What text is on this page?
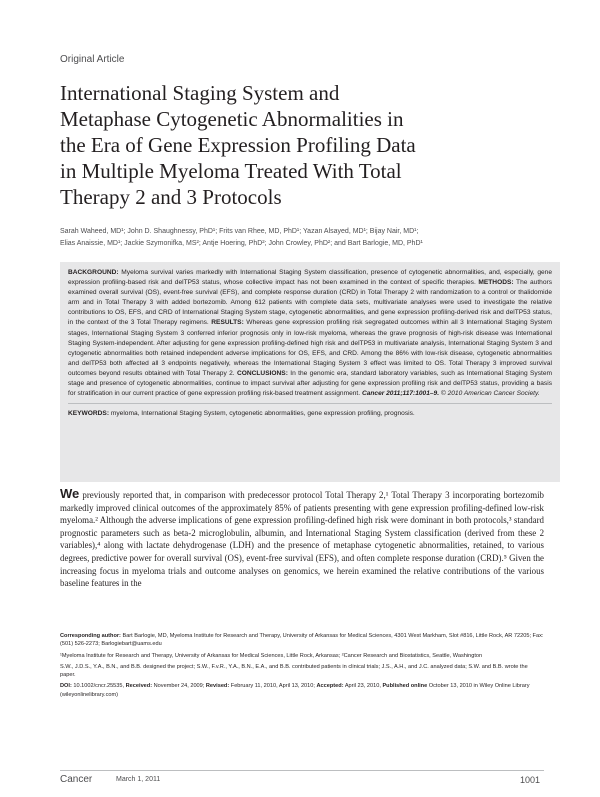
Original Article
International Staging System and
Metaphase Cytogenetic Abnormalities in
the Era of Gene Expression Profiling Data
in Multiple Myeloma Treated With Total
Therapy 2 and 3 Protocols
Sarah Waheed, MD¹; John D. Shaughnessy, PhD¹; Frits van Rhee, MD, PhD¹; Yazan Alsayed, MD¹; Bijay Nair, MD¹;
Elias Anaissie, MD¹; Jackie Szymonifka, MS²; Antje Hoering, PhD²; John Crowley, PhD²; and Bart Barlogie, MD, PhD¹
BACKGROUND: Myeloma survival varies markedly with International Staging System classification, presence of cytogenetic abnormalities, and, especially, gene expression profiling-based risk and delTP53 status, whose collective impact has not been examined in the context of specific therapies. METHODS: The authors examined overall survival (OS), event-free survival (EFS), and complete response duration (CRD) in Total Therapy 2 with randomization to a control or thalidomide arm and in Total Therapy 3 with added bortezomib. Among 612 patients with complete data sets, multivariate analyses were used to investigate the relative contributions to OS, EFS, and CRD of International Staging System stage, cytogenetic abnormalities, and gene expression profiling-derived risk and delTP53 status, in the context of the 3 Total Therapy regimens. RESULTS: Whereas gene expression profiling risk segregated outcomes within all 3 International Staging System stages, International Staging System 3 conferred inferior prognosis only in low-risk myeloma, whereas the grave prognosis of high-risk disease was International Staging System-independent. After adjusting for gene expression profiling-defined high risk and delTP53 in multivariate analysis, International Staging System 3 and cytogenetic abnormalities both retained independent adverse implications for OS, EFS, and CRD. Among the 86% with low-risk disease, cytogenetic abnormalities and delTP53 both affected all 3 endpoints negatively, whereas the International Staging System 3 effect was limited to OS. Total Therapy 3 improved survival outcomes beyond results obtained with Total Therapy 2. CONCLUSIONS: In the genomic era, standard laboratory variables, such as International Staging System stage and presence of cytogenetic abnormalities, continue to impact survival after adjusting for gene expression profiling risk and delTP53 status, providing a basis for stratification in our current practice of gene expression profiling risk-based treatment assignment. Cancer 2011;117:1001–9. © 2010 American Cancer Society.
KEYWORDS: myeloma, International Staging System, cytogenetic abnormalities, gene expression profiling, prognosis.
We previously reported that, in comparison with predecessor protocol Total Therapy 2,¹ Total Therapy 3 incorporating bortezomib markedly improved clinical outcomes of the approximately 85% of patients presenting with gene expression profiling-defined low-risk myeloma.² Although the adverse implications of gene expression profiling-defined high risk were dominant in both protocols,³ standard prognostic parameters such as beta-2 microglobulin, albumin, and International Staging System classification (derived from these 2 variables),⁴ along with lactate dehydrogenase (LDH) and the presence of metaphase cytogenetic abnormalities, retained, to various degrees, predictive power for overall survival (OS), event-free survival (EFS), and often complete response duration (CRD).⁵ Given the increasing focus in myeloma trials and outcome analyses on genomics, we herein examined the relative contributions of the various baseline features in the

Corresponding author: Bart Barlogie, MD, Myeloma Institute for Research and Therapy, University of Arkansas for Medical Sciences, 4301 West Markham, Slot #816, Little Rock, AR 72205; Fax: (501) 526-2273; Barlogiebart@uams.edu

¹Myeloma Institute for Research and Therapy, University of Arkansas for Medical Sciences, Little Rock, Arkansas; ²Cancer Research and Biostatistics, Seattle, Washington

S.W., J.D.S., Y.A., B.N., and B.B. designed the project; S.W., F.v.R., Y.A., B.N., E.A., and B.B. contributed patients in clinical trials; J.S., A.H., and J.C. analyzed data; S.W. and B.B. wrote the paper.

DOI: 10.1002/cncr.25535, Received: November 24, 2009; Revised: February 11, 2010, April 13, 2010; Accepted: April 23, 2010, Published online October 13, 2010 in Wiley Online Library (wileyonlinelibrary.com)

Cancer	March 1, 2011	1001
